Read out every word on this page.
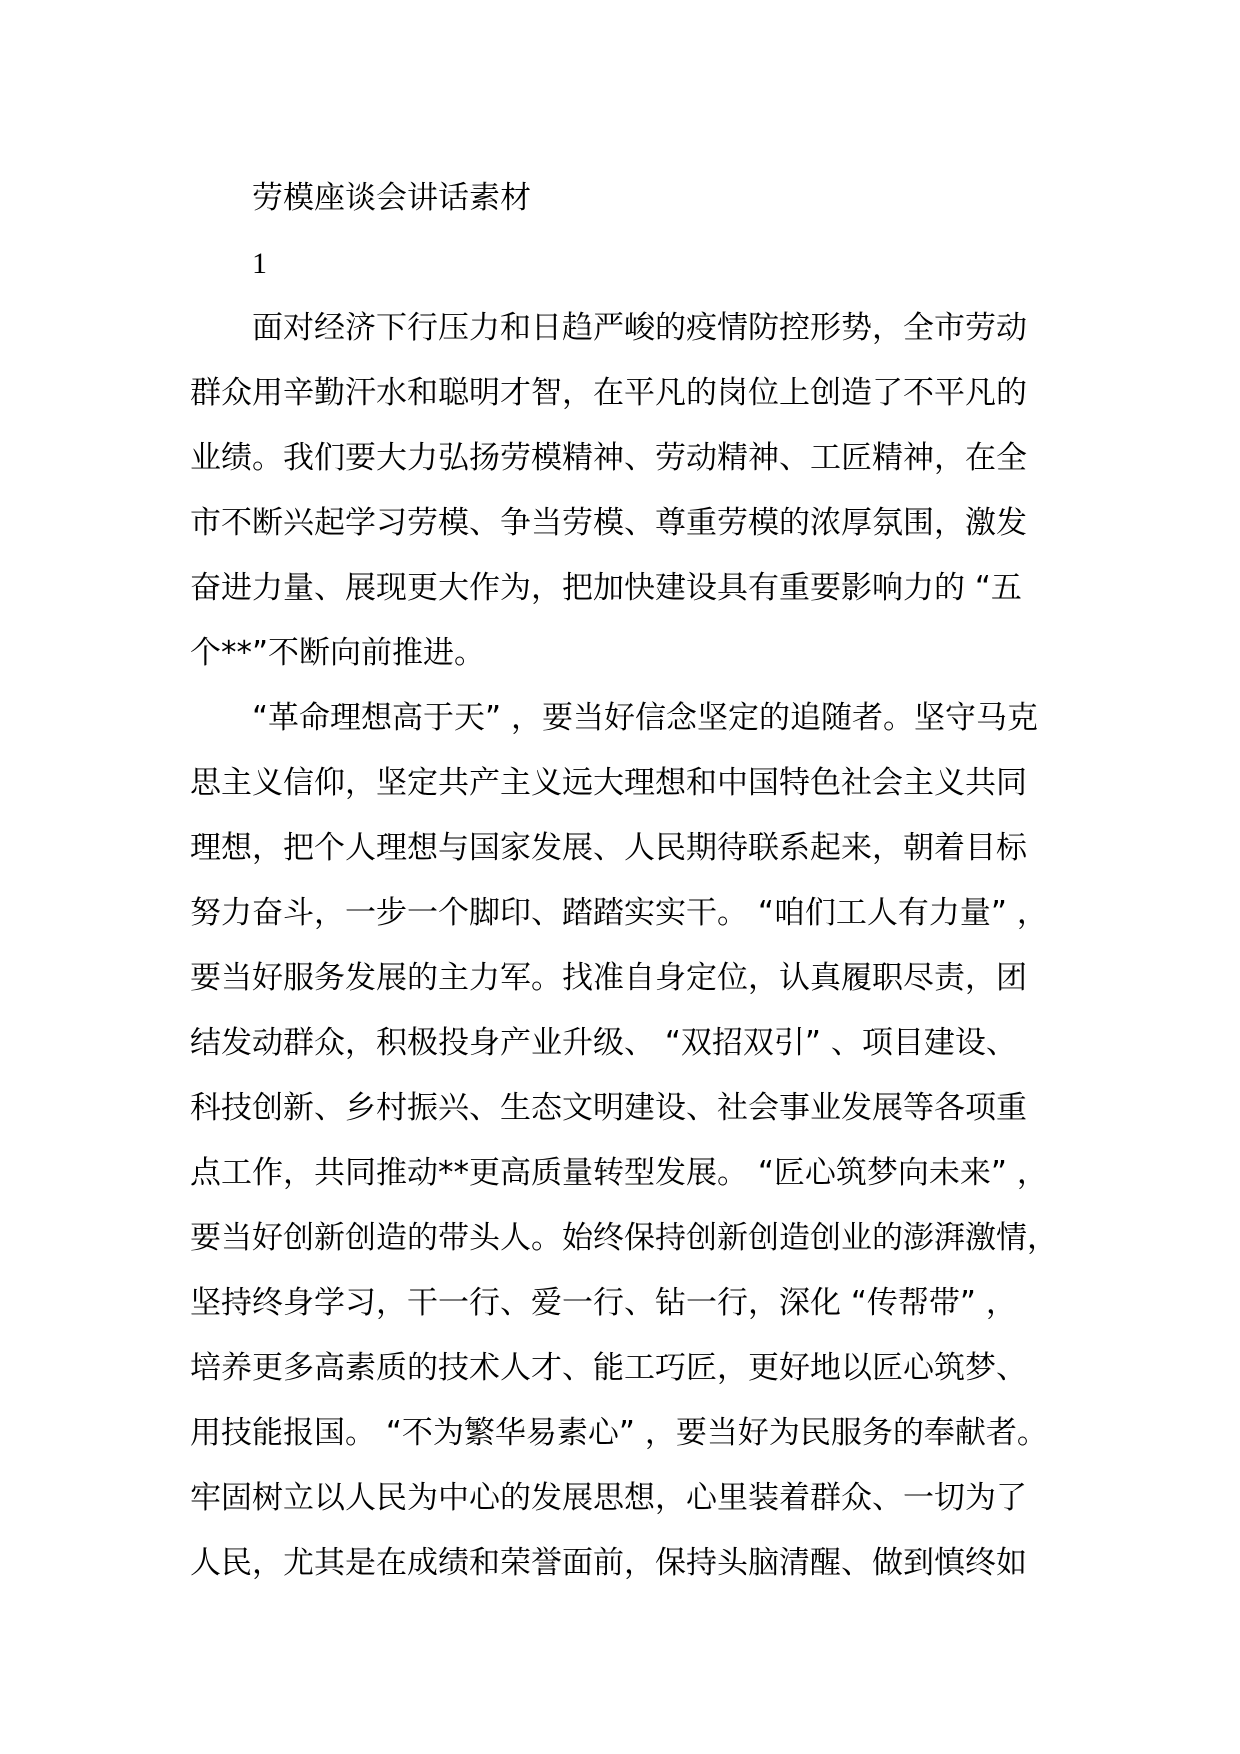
劳模座谈会讲话素材
1
面对经济下行压力和日趋严峻的疫情防控形势，全市劳动
群众用辛勤汗水和聪明才智，在平凡的岗位上创造了不平凡的
业绩。我们要大力弘扬劳模精神、劳动精神、工匠精神，在全
市不断兴起学习劳模、争当劳模、尊重劳模的浓厚氛围，激发
奋进力量、展现更大作为，把加快建设具有重要影响力的 “五
个**”不断向前推进。
“革命理想高于天” ，要当好信念坚定的追随者。坚守马克
思主义信仰，坚定共产主义远大理想和中国特色社会主义共同
理想，把个人理想与国家发展、人民期待联系起来，朝着目标
努力奋斗，一步一个脚印、踏踏实实干。 “咱们工人有力量” ，
要当好服务发展的主力军。找准自身定位，认真履职尽责，团
结发动群众，积极投身产业升级、 “双招双引” 、项目建设、
科技创新、乡村振兴、生态文明建设、社会事业发展等各项重
点工作，共同推动**更高质量转型发展。 “匠心筑梦向未来” ，
要当好创新创造的带头人。始终保持创新创造创业的澎湃激情，
坚持终身学习，干一行、爱一行、钻一行，深化 “传帮带” ，
培养更多高素质的技术人才、能工巧匠，更好地以匠心筑梦、
用技能报国。 “不为繁华易素心” ，要当好为民服务的奉献者。
牢固树立以人民为中心的发展思想，心里装着群众、一切为了
人民，尤其是在成绩和荣誉面前，保持头脑清醒、做到慎终如
